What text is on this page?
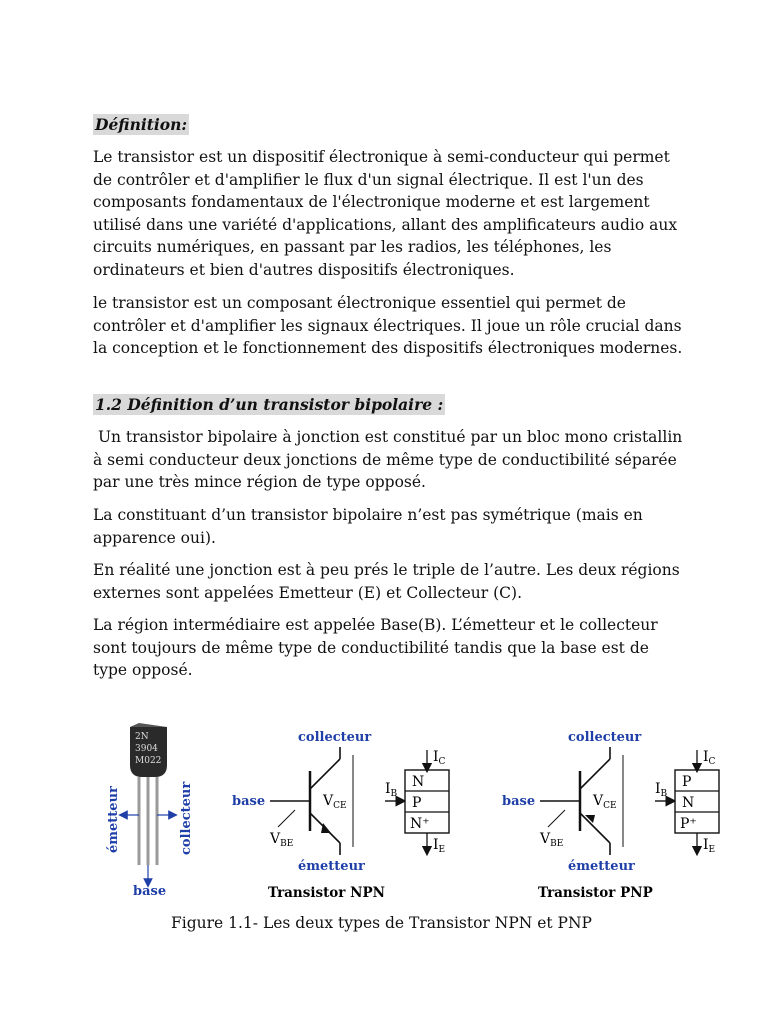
Définition:
Le transistor est un dispositif électronique à semi-conducteur qui permet de contrôler et d'amplifier le flux d'un signal électrique. Il est l'un des composants fondamentaux de l'électronique moderne et est largement utilisé dans une variété d'applications, allant des amplificateurs audio aux circuits numériques, en passant par les radios, les téléphones, les ordinateurs et bien d'autres dispositifs électroniques.
le transistor est un composant électronique essentiel qui permet de contrôler et d'amplifier les signaux électriques. Il joue un rôle crucial dans la conception et le fonctionnement des dispositifs électroniques modernes.
1.2 Définition d’un transistor bipolaire :
Un transistor bipolaire à jonction est constitué par un bloc mono cristallin à semi conducteur deux jonctions de même type de conductibilité séparée par une très mince région de type opposé.
La constituant d’un transistor bipolaire n’est pas symétrique (mais en apparence oui).
En réalité une jonction est à peu prés le triple de l’autre. Les deux régions externes sont appelées Emetteur (E) et Collecteur (C).
La région intermédiaire est appelée Base(B). L’émetteur et le collecteur sont toujours de même type de conductibilité tandis que la base est de type opposé.
2N
3904
M022
émetteur	collecteur
base
collecteur
base
émetteur
$V_{CE}$
$V_{BE}$
$I_B$
N
P
N⁺
$I_C$
$I_E$
Transistor NPN
collecteur
base
émetteur
$V_{CE}$
$V_{BE}$
$I_B$
P
N
P⁺
$I_C$
$I_E$
Transistor PNP
Figure 1.1- Les deux types de Transistor NPN et PNP
